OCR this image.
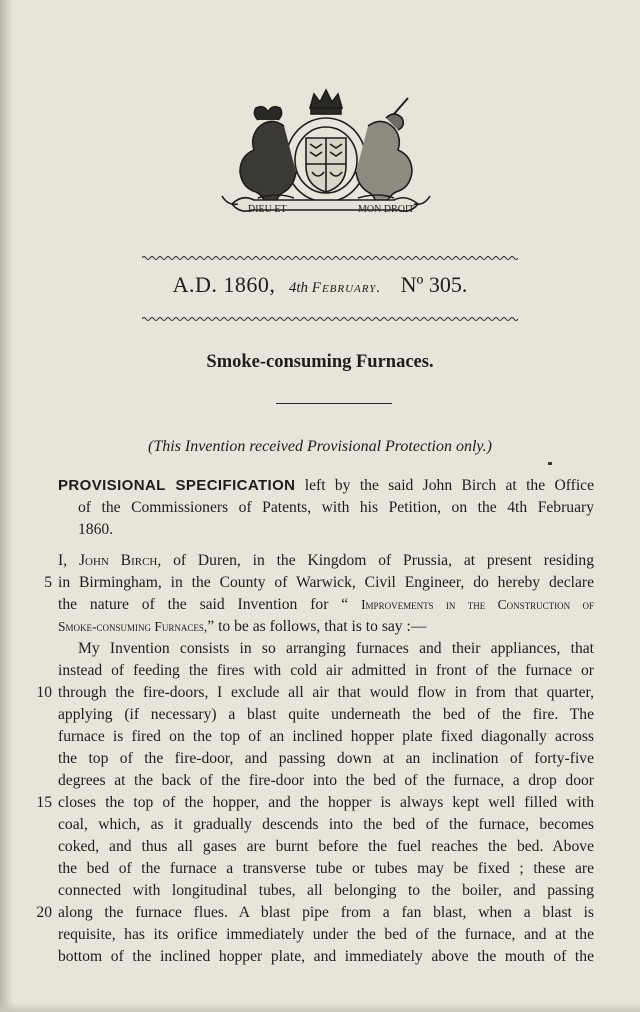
DIEU ET	MON DROIT
A.D. 1860, 4th February. Nº 305.
Smoke-consuming Furnaces.
(This Invention received Provisional Protection only.)
PROVISIONAL SPECIFICATION left by the said John Birch at the Office
of the Commissioners of Patents, with his Petition, on the 4th February
1860.
I, John Birch, of Duren, in the Kingdom of Prussia, at present residing
in Birmingham, in the County of Warwick, Civil Engineer, do hereby declare
the nature of the said Invention for “ Improvements in the Construction of
Smoke-consuming Furnaces,” to be as follows, that is to say :—
My Invention consists in so arranging furnaces and their appliances, that
instead of feeding the fires with cold air admitted in front of the furnace or
through the fire-doors, I exclude all air that would flow in from that quarter,
applying (if necessary) a blast quite underneath the bed of the fire. The
furnace is fired on the top of an inclined hopper plate fixed diagonally across
the top of the fire-door, and passing down at an inclination of forty-five
degrees at the back of the fire-door into the bed of the furnace, a drop door
closes the top of the hopper, and the hopper is always kept well filled with
coal, which, as it gradually descends into the bed of the furnace, becomes
coked, and thus all gases are burnt before the fuel reaches the bed. Above
the bed of the furnace a transverse tube or tubes may be fixed ; these are
connected with longitudinal tubes, all belonging to the boiler, and passing
along the furnace flues. A blast pipe from a fan blast, when a blast is
requisite, has its orifice immediately under the bed of the furnace, and at the
bottom of the inclined hopper plate, and immediately above the mouth of the
5
10
15
20
